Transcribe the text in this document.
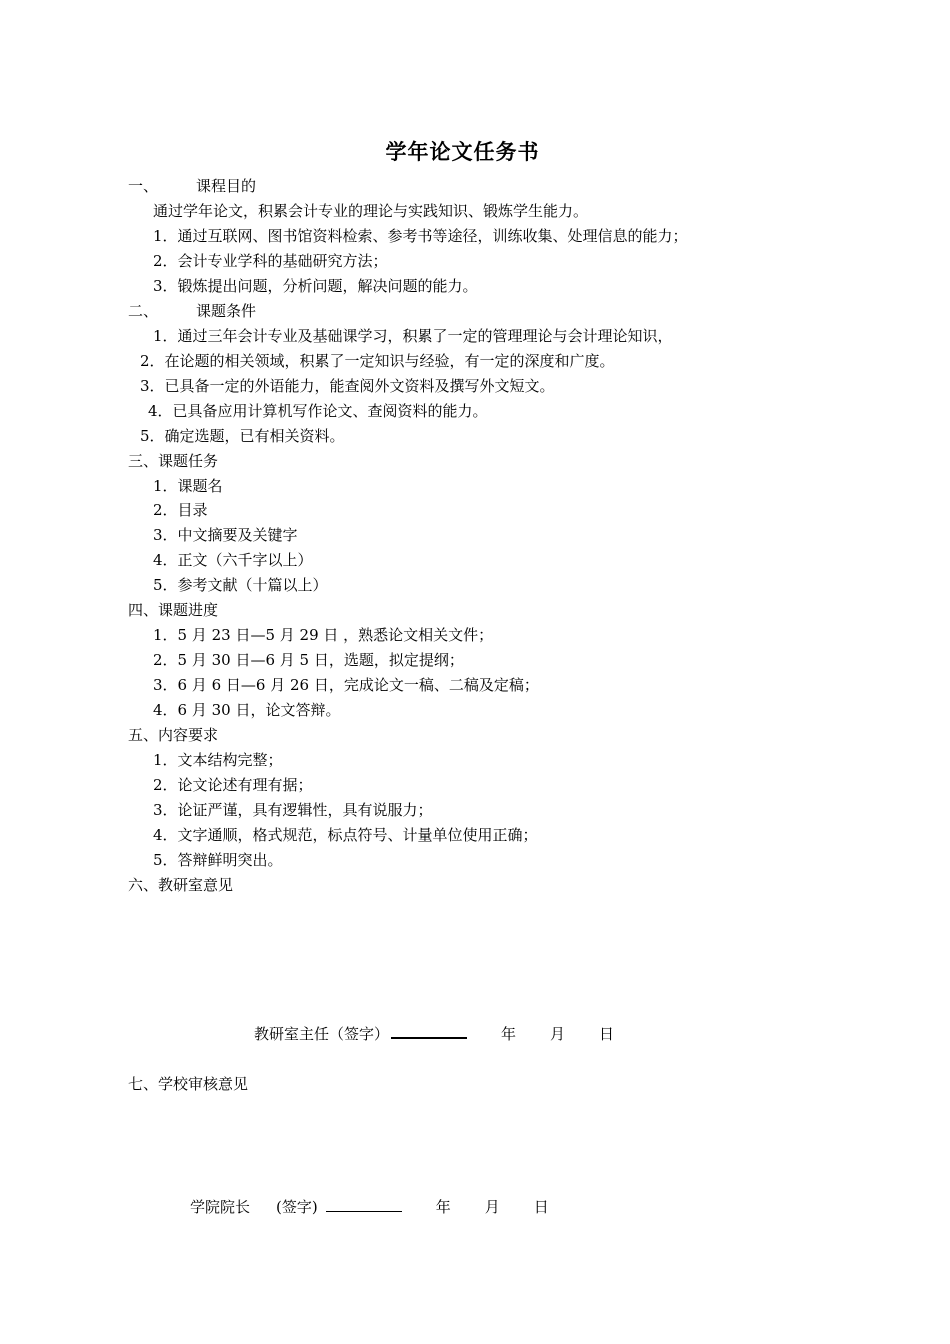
学年论文任务书
一、	课程目的
通过学年论文，积累会计专业的理论与实践知识、锻炼学生能力。
1．通过互联网、图书馆资料检索、参考书等途径，训练收集、处理信息的能力；
2．会计专业学科的基础研究方法；
3．锻炼提出问题，分析问题，解决问题的能力。
二、	课题条件
1．通过三年会计专业及基础课学习，积累了一定的管理理论与会计理论知识，
2．在论题的相关领域，积累了一定知识与经验，有一定的深度和广度。
3．已具备一定的外语能力，能查阅外文资料及撰写外文短文。
4．已具备应用计算机写作论文、查阅资料的能力。
5．确定选题，已有相关资料。
三、课题任务
1．课题名
2．目录
3．中文摘要及关键字
4．正文（六千字以上）
5．参考文献（十篇以上）
四、课题进度
1．5 月 23 日—5 月 29 日 ，熟悉论文相关文件；
2．5 月 30 日—6 月 5 日，选题，拟定提纲；
3．6 月 6 日—6 月 26 日，完成论文一稿、二稿及定稿；
4．6 月 30 日，论文答辩。
五、内容要求
1．文本结构完整；
2．论文论述有理有据；
3．论证严谨，具有逻辑性，具有说服力；
4．文字通顺，格式规范，标点符号、计量单位使用正确；
5．答辩鲜明突出。
六、教研室意见
教研室主任（签字）	年 月 日
七、学校审核意见
学院院长 (签字)	年 月 日
